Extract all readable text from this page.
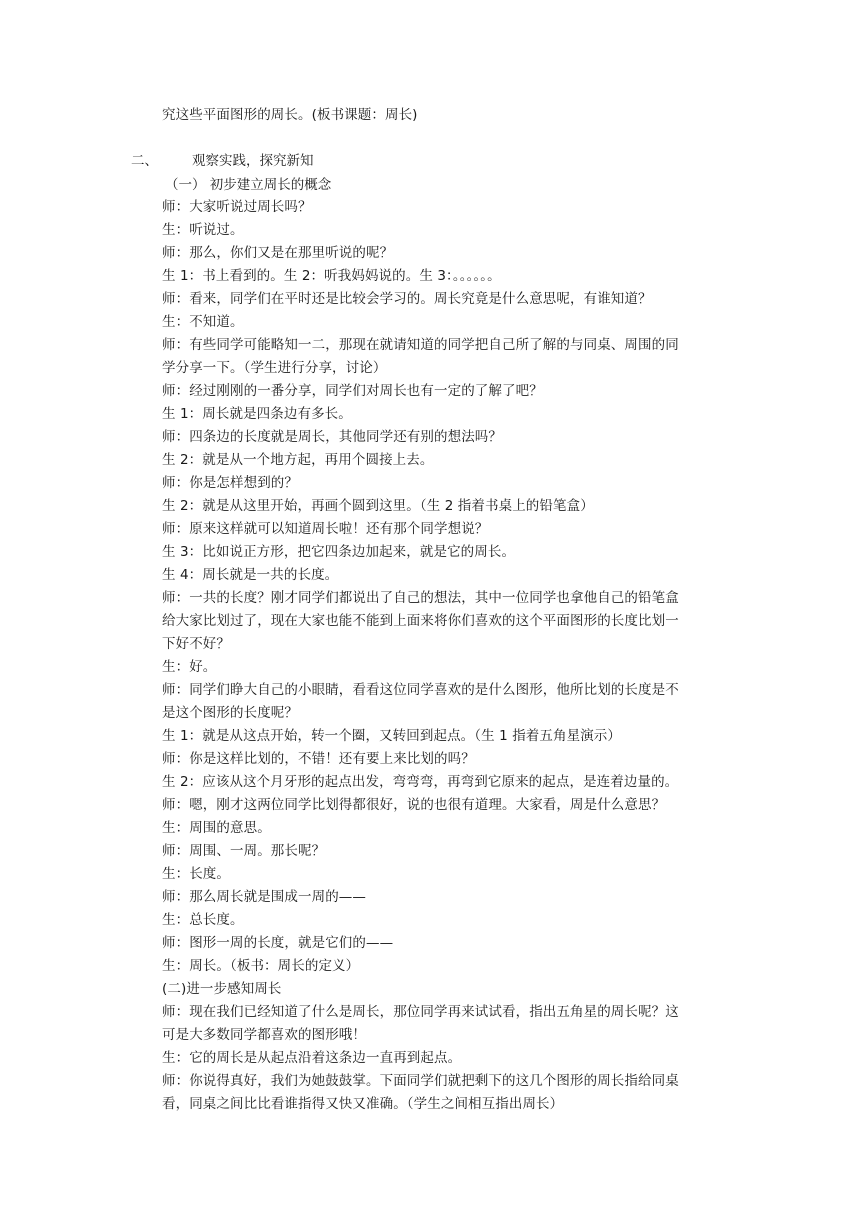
究这些平面图形的周长。(板书课题：周长)
二、	观察实践，探究新知
（一） 初步建立周长的概念
师：大家听说过周长吗？
生：听说过。
师：那么，你们又是在那里听说的呢？
生 1：书上看到的。生 2：听我妈妈说的。生 3：。。。。。。
师：看来，同学们在平时还是比较会学习的。周长究竟是什么意思呢，有谁知道？
生：不知道。
师：有些同学可能略知一二，那现在就请知道的同学把自己所了解的与同桌、周围的同
学分享一下。（学生进行分享，讨论）
师：经过刚刚的一番分享，同学们对周长也有一定的了解了吧？
生 1：周长就是四条边有多长。
师：四条边的长度就是周长，其他同学还有别的想法吗？
生 2：就是从一个地方起，再用个圆接上去。
师：你是怎样想到的？
生 2：就是从这里开始，再画个圆到这里。（生 2 指着书桌上的铅笔盒）
师：原来这样就可以知道周长啦！还有那个同学想说？
生 3：比如说正方形，把它四条边加起来，就是它的周长。
生 4：周长就是一共的长度。
师：一共的长度？刚才同学们都说出了自己的想法，其中一位同学也拿他自己的铅笔盒
给大家比划过了，现在大家也能不能到上面来将你们喜欢的这个平面图形的长度比划一
下好不好？
生：好。
师：同学们睁大自己的小眼睛，看看这位同学喜欢的是什么图形，他所比划的长度是不
是这个图形的长度呢？
生 1：就是从这点开始，转一个圈，又转回到起点。（生 1 指着五角星演示）
师：你是这样比划的，不错！还有要上来比划的吗？
生 2：应该从这个月牙形的起点出发，弯弯弯，再弯到它原来的起点，是连着边量的。
师：嗯，刚才这两位同学比划得都很好，说的也很有道理。大家看，周是什么意思？
生：周围的意思。
师：周围、一周。那长呢？
生：长度。
师：那么周长就是围成一周的——
生：总长度。
师：图形一周的长度，就是它们的——
生：周长。（板书：周长的定义）
(二)进一步感知周长
师：现在我们已经知道了什么是周长，那位同学再来试试看，指出五角星的周长呢？这
可是大多数同学都喜欢的图形哦！
生：它的周长是从起点沿着这条边一直再到起点。
师：你说得真好，我们为她鼓鼓掌。下面同学们就把剩下的这几个图形的周长指给同桌
看，同桌之间比比看谁指得又快又准确。（学生之间相互指出周长）
